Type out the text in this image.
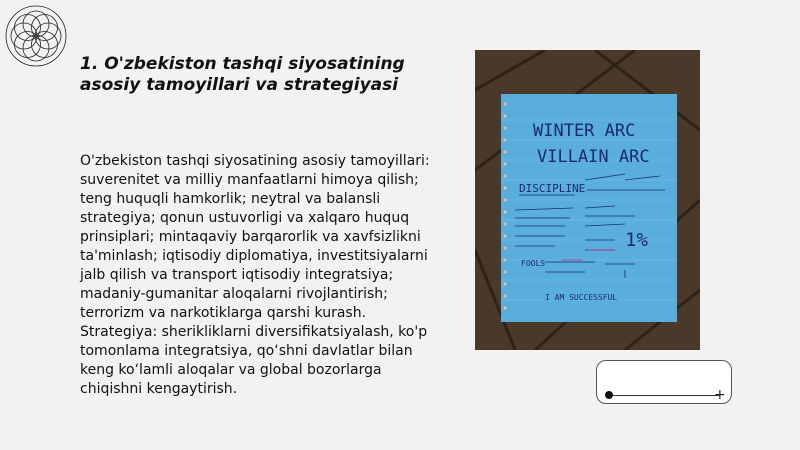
1. O'zbekiston tashqi siyosatining asosiy tamoyillari va strategiyasi
O'zbekiston tashqi siyosatining asosiy tamoyillari: suverenitet va milliy manfaatlarni himoya qilish; teng huquqli hamkorlik; neytral va balansli strategiya; qonun ustuvorligi va xalqaro huquq prinsiplari; mintaqaviy barqarorlik va xavfsizlikni ta'minlash; iqtisodiy diplomatiya, investitsiyalarni jalb qilish va transport iqtisodiy integratsiya; madaniy-gumanitar aloqalarni rivojlantirish; terrorizm va narkotiklarga qarshi kurash. Strategiya: sherikliklarni diversifikatsiyalash, ko'p tomonlama integratsiya, qo‘shni davlatlar bilan keng ko‘lamli aloqalar va global bozorlarga chiqishni kengaytirish.
WINTER ARC
VILLAIN ARC
DISCIPLINE
1%
FOOLS
I AM SUCCESSFUL
+
